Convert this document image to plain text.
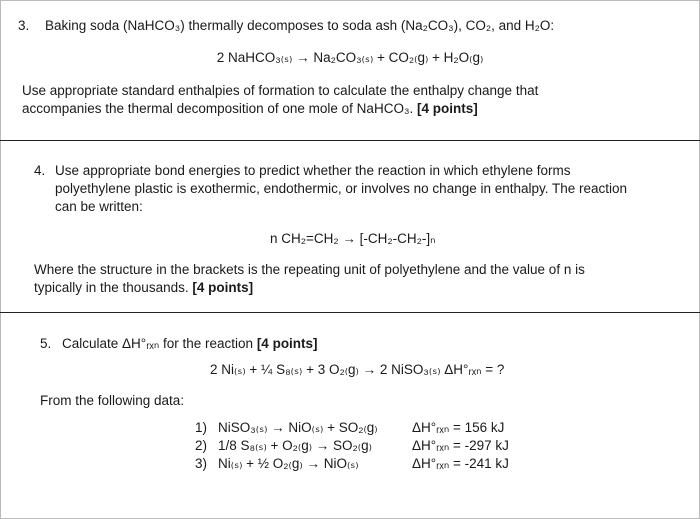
3. Baking soda (NaHCO₃) thermally decomposes to soda ash (Na₂CO₃), CO₂, and H₂O:
2 NaHCO₃₍ₛ₎ → Na₂CO₃₍ₛ₎ + CO₂₍g₎ + H₂O₍g₎
Use appropriate standard enthalpies of formation to calculate the enthalpy change that
accompanies the thermal decomposition of one mole of NaHCO₃. [4 points]
4. Use appropriate bond energies to predict whether the reaction in which ethylene forms
polyethylene plastic is exothermic, endothermic, or involves no change in enthalpy. The reaction
can be written:
n CH₂=CH₂ → [-CH₂-CH₂-]ₙ
Where the structure in the brackets is the repeating unit of polyethylene and the value of n is
typically in the thousands. [4 points]
5. Calculate ΔH°ᵣₓₙ for the reaction [4 points]
2 Ni₍ₛ₎ + ¼ S₈₍ₛ₎ + 3 O₂₍g₎ → 2 NiSO₃₍ₛ₎ ΔH°ᵣₓₙ = ?
From the following data:
1) NiSO₃₍ₛ₎ → NiO₍ₛ₎ + SO₂₍g₎	ΔH°ᵣₓₙ = 156 kJ
2) 1/8 S₈₍ₛ₎ + O₂₍g₎ → SO₂₍g₎	ΔH°ᵣₓₙ = -297 kJ
3) Ni₍ₛ₎ + ½ O₂₍g₎ → NiO₍ₛ₎	ΔH°ᵣₓₙ = -241 kJ
